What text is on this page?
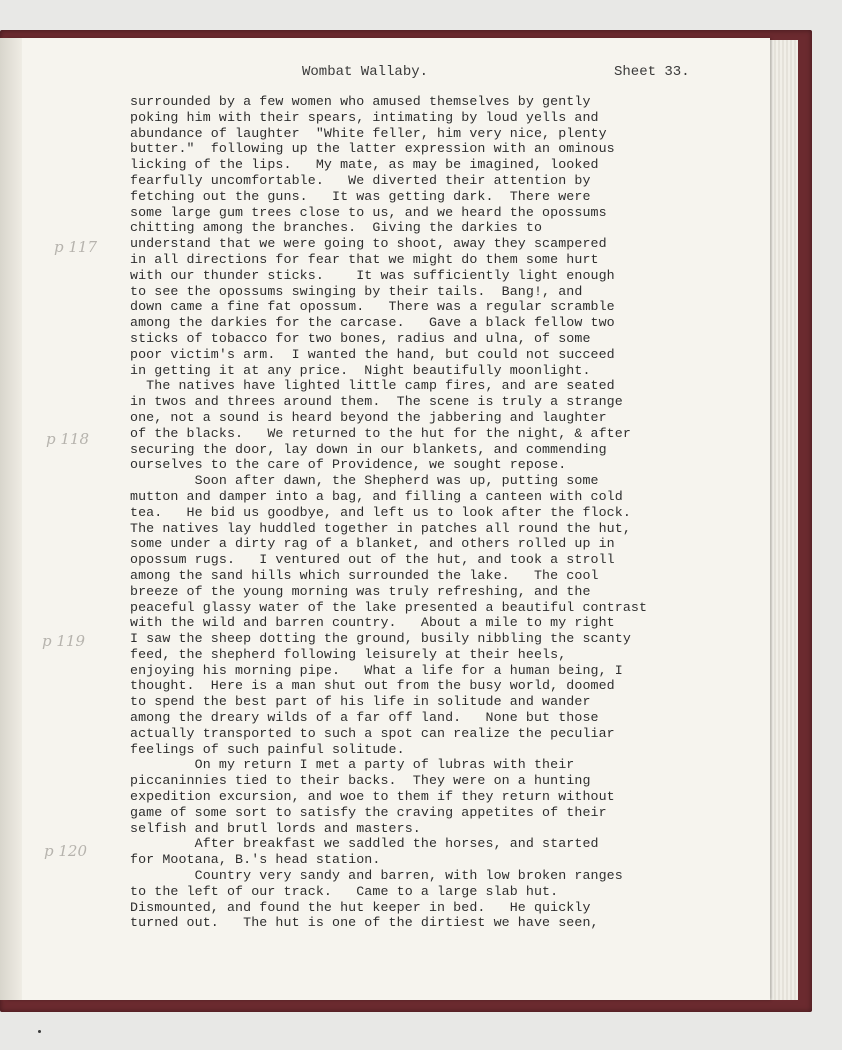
Wombat Wallaby.	Sheet 33.
p 117
p 118
p 119
p 120
surrounded by a few women who amused themselves by gently
poking him with their spears, intimating by loud yells and
abundance of laughter  "White feller, him very nice, plenty
butter."  following up the latter expression with an ominous
licking of the lips.   My mate, as may be imagined, looked
fearfully uncomfortable.   We diverted their attention by
fetching out the guns.   It was getting dark.  There were
some large gum trees close to us, and we heard the opossums
chitting among the branches.  Giving the darkies to
understand that we were going to shoot, away they scampered
in all directions for fear that we might do them some hurt
with our thunder sticks.    It was sufficiently light enough
to see the opossums swinging by their tails.  Bang!, and
down came a fine fat opossum.   There was a regular scramble
among the darkies for the carcase.   Gave a black fellow two
sticks of tobacco for two bones, radius and ulna, of some
poor victim's arm.  I wanted the hand, but could not succeed
in getting it at any price.  Night beautifully moonlight.
The natives have lighted little camp fires, and are seated
in twos and threes around them.  The scene is truly a strange
one, not a sound is heard beyond the jabbering and laughter
of the blacks.   We returned to the hut for the night, & after
securing the door, lay down in our blankets, and commending
ourselves to the care of Providence, we sought repose.
Soon after dawn, the Shepherd was up, putting some
mutton and damper into a bag, and filling a canteen with cold
tea.   He bid us goodbye, and left us to look after the flock.
The natives lay huddled together in patches all round the hut,
some under a dirty rag of a blanket, and others rolled up in
opossum rugs.   I ventured out of the hut, and took a stroll
among the sand hills which surrounded the lake.   The cool
breeze of the young morning was truly refreshing, and the
peaceful glassy water of the lake presented a beautiful contrast
with the wild and barren country.   About a mile to my right
I saw the sheep dotting the ground, busily nibbling the scanty
feed, the shepherd following leisurely at their heels,
enjoying his morning pipe.   What a life for a human being, I
thought.  Here is a man shut out from the busy world, doomed
to spend the best part of his life in solitude and wander
among the dreary wilds of a far off land.   None but those
actually transported to such a spot can realize the peculiar
feelings of such painful solitude.
On my return I met a party of lubras with their
piccaninnies tied to their backs.  They were on a hunting
expedition excursion, and woe to them if they return without
game of some sort to satisfy the craving appetites of their
selfish and brutl lords and masters.
After breakfast we saddled the horses, and started
for Mootana, B.'s head station.
Country very sandy and barren, with low broken ranges
to the left of our track.   Came to a large slab hut.
Dismounted, and found the hut keeper in bed.   He quickly
turned out.   The hut is one of the dirtiest we have seen,
